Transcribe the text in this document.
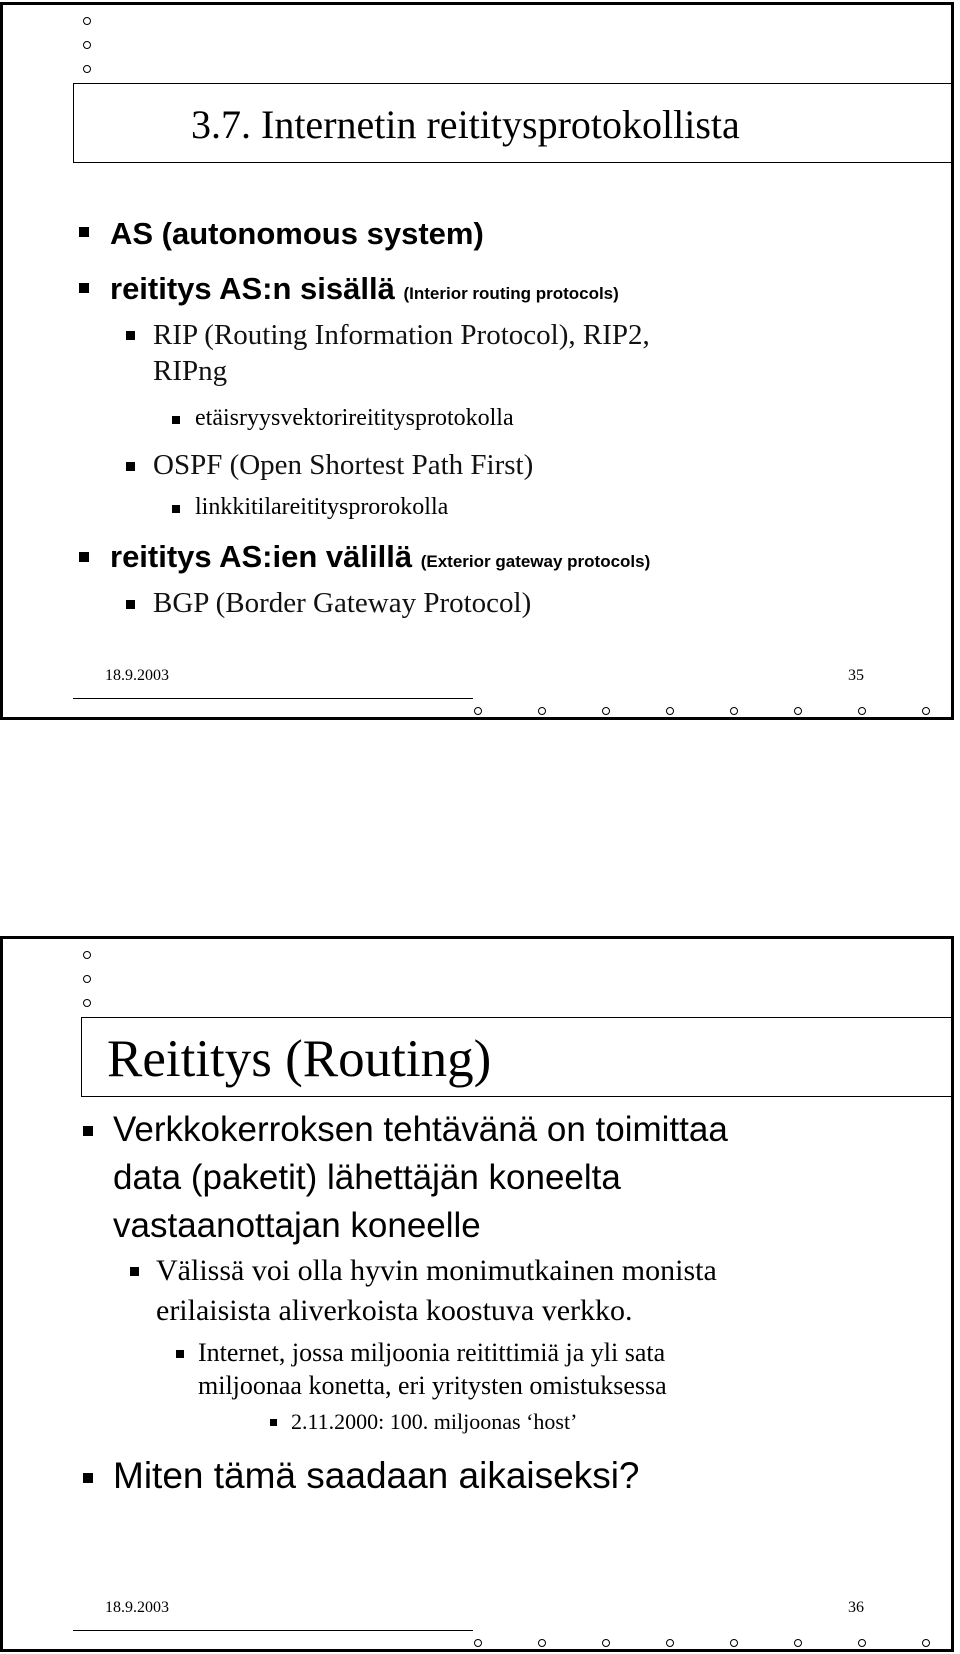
3.7. Internetin reititysprotokollista
AS (autonomous system)
reititys AS:n sisällä (Interior routing protocols)
RIP (Routing Information Protocol), RIP2,
RIPng
etäisryysvektorireititysprotokolla
OSPF (Open Shortest Path First)
linkkitilareititysprorokolla
reititys AS:ien välillä (Exterior gateway protocols)
BGP (Border Gateway Protocol)
18.9.2003	35
Reititys (Routing)
Verkkokerroksen tehtävänä on toimittaa
data (paketit) lähettäjän koneelta
vastaanottajan koneelle
Välissä voi olla hyvin monimutkainen monista
erilaisista aliverkoista koostuva verkko.
Internet, jossa miljoonia reitittimiä ja yli sata
miljoonaa konetta, eri yritysten omistuksessa
2.11.2000: 100. miljoonas ‘host’
Miten tämä saadaan aikaiseksi?
18.9.2003	36
